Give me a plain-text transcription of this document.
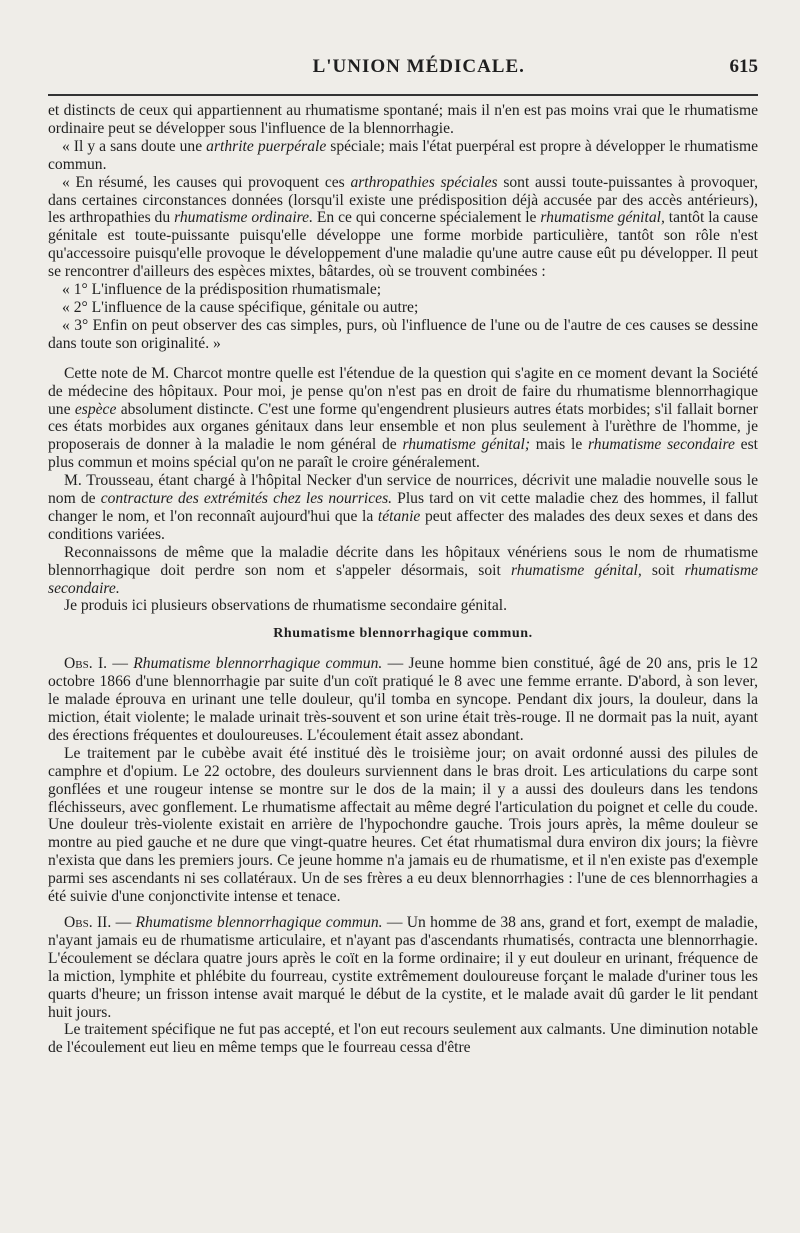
L'UNION MÉDICALE.	615

et distincts de ceux qui appartiennent au rhumatisme spontané; mais il n'en est pas moins vrai que le rhumatisme ordinaire peut se développer sous l'influence de la blennorrhagie.

« Il y a sans doute une arthrite puerpérale spéciale; mais l'état puerpéral est propre à développer le rhumatisme commun.

« En résumé, les causes qui provoquent ces arthropathies spéciales sont aussi toute-puissantes à provoquer, dans certaines circonstances données (lorsqu'il existe une prédisposition déjà accusée par des accès antérieurs), les arthropathies du rhumatisme ordinaire. En ce qui concerne spécialement le rhumatisme génital, tantôt la cause génitale est toute-puissante puisqu'elle développe une forme morbide particulière, tantôt son rôle n'est qu'accessoire puisqu'elle provoque le développement d'une maladie qu'une autre cause eût pu développer. Il peut se rencontrer d'ailleurs des espèces mixtes, bâtardes, où se trouvent combinées :

« 1° L'influence de la prédisposition rhumatismale;

« 2° L'influence de la cause spécifique, génitale ou autre;

« 3° Enfin on peut observer des cas simples, purs, où l'influence de l'une ou de l'autre de ces causes se dessine dans toute son originalité. »

Cette note de M. Charcot montre quelle est l'étendue de la question qui s'agite en ce moment devant la Société de médecine des hôpitaux. Pour moi, je pense qu'on n'est pas en droit de faire du rhumatisme blennorrhagique une espèce absolument distincte. C'est une forme qu'engendrent plusieurs autres états morbides; s'il fallait borner ces états morbides aux organes génitaux dans leur ensemble et non plus seulement à l'urèthre de l'homme, je proposerais de donner à la maladie le nom général de rhumatisme génital; mais le rhumatisme secondaire est plus commun et moins spécial qu'on ne paraît le croire généralement.

M. Trousseau, étant chargé à l'hôpital Necker d'un service de nourrices, décrivit une maladie nouvelle sous le nom de contracture des extrémités chez les nourrices. Plus tard on vit cette maladie chez des hommes, il fallut changer le nom, et l'on reconnaît aujourd'hui que la tétanie peut affecter des malades des deux sexes et dans des conditions variées.

Reconnaissons de même que la maladie décrite dans les hôpitaux vénériens sous le nom de rhumatisme blennorrhagique doit perdre son nom et s'appeler désormais, soit rhumatisme génital, soit rhumatisme secondaire.

Je produis ici plusieurs observations de rhumatisme secondaire génital.

Rhumatisme blennorrhagique commun.

Obs. I. — Rhumatisme blennorrhagique commun. — Jeune homme bien constitué, âgé de 20 ans, pris le 12 octobre 1866 d'une blennorrhagie par suite d'un coït pratiqué le 8 avec une femme errante. D'abord, à son lever, le malade éprouva en urinant une telle douleur, qu'il tomba en syncope. Pendant dix jours, la douleur, dans la miction, était violente; le malade urinait très-souvent et son urine était très-rouge. Il ne dormait pas la nuit, ayant des érections fréquentes et douloureuses. L'écoulement était assez abondant.

Le traitement par le cubèbe avait été institué dès le troisième jour; on avait ordonné aussi des pilules de camphre et d'opium. Le 22 octobre, des douleurs surviennent dans le bras droit. Les articulations du carpe sont gonflées et une rougeur intense se montre sur le dos de la main; il y a aussi des douleurs dans les tendons fléchisseurs, avec gonflement. Le rhumatisme affectait au même degré l'articulation du poignet et celle du coude. Une douleur très-violente existait en arrière de l'hypochondre gauche. Trois jours après, la même douleur se montre au pied gauche et ne dure que vingt-quatre heures. Cet état rhumatismal dura environ dix jours; la fièvre n'exista que dans les premiers jours. Ce jeune homme n'a jamais eu de rhumatisme, et il n'en existe pas d'exemple parmi ses ascendants ni ses collatéraux. Un de ses frères a eu deux blennorrhagies : l'une de ces blennorrhagies a été suivie d'une conjonctivite intense et tenace.

Obs. II. — Rhumatisme blennorrhagique commun. — Un homme de 38 ans, grand et fort, exempt de maladie, n'ayant jamais eu de rhumatisme articulaire, et n'ayant pas d'ascendants rhumatisés, contracta une blennorrhagie. L'écoulement se déclara quatre jours après le coït en la forme ordinaire; il y eut douleur en urinant, fréquence de la miction, lymphite et phlébite du fourreau, cystite extrêmement douloureuse forçant le malade d'uriner tous les quarts d'heure; un frisson intense avait marqué le début de la cystite, et le malade avait dû garder le lit pendant huit jours.

Le traitement spécifique ne fut pas accepté, et l'on eut recours seulement aux calmants. Une diminution notable de l'écoulement eut lieu en même temps que le fourreau cessa d'être
